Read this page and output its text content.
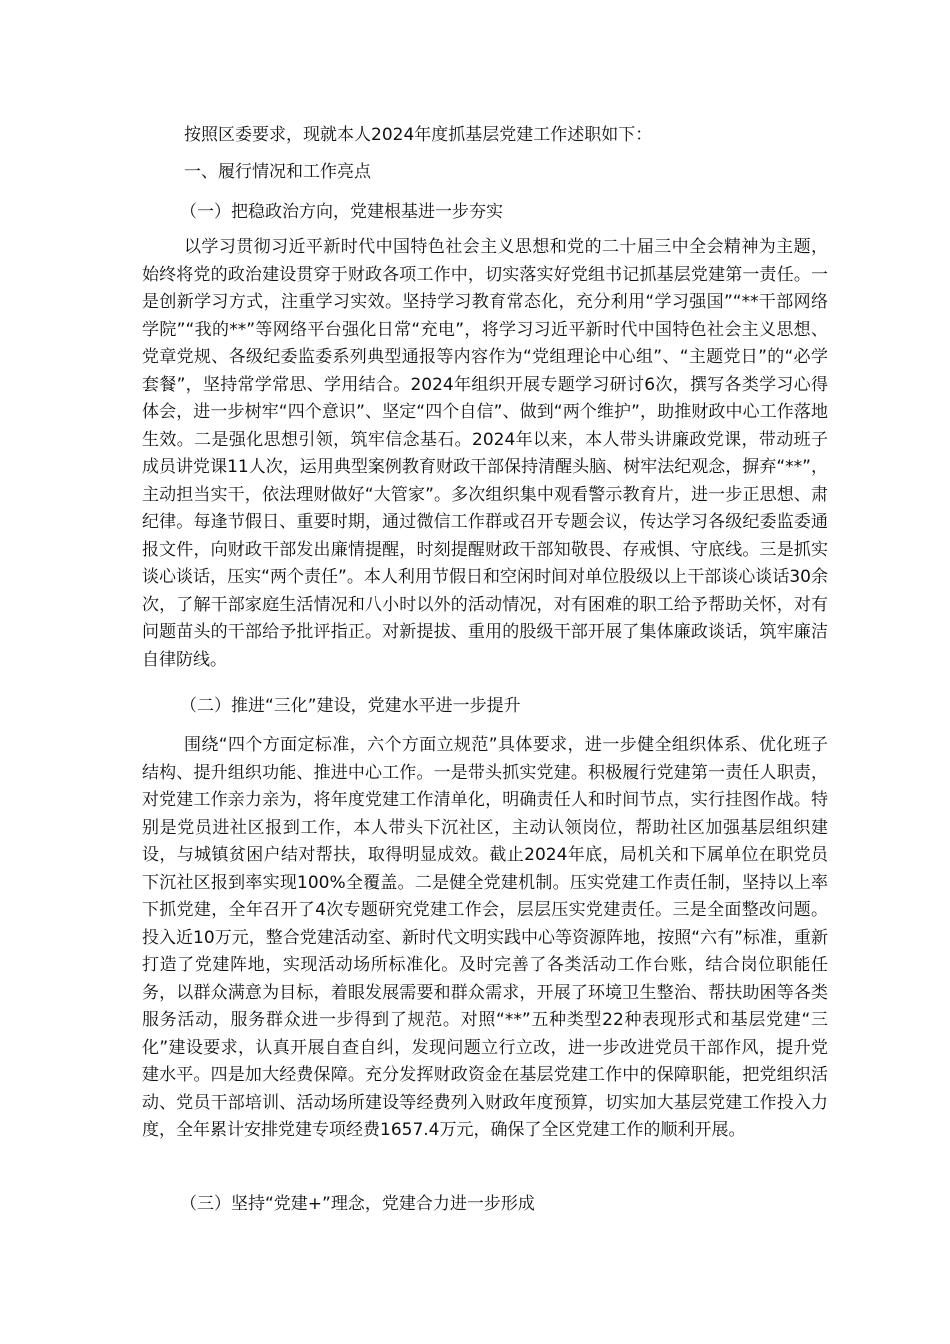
按照区委要求，现就本人2024年度抓基层党建工作述职如下：

一、履行情况和工作亮点

（一）把稳政治方向，党建根基进一步夯实

以学习贯彻习近平新时代中国特色社会主义思想和党的二十届三中全会精神为主题，始终将党的政治建设贯穿于财政各项工作中，切实落实好党组书记抓基层党建第一责任。一是创新学习方式，注重学习实效。坚持学习教育常态化，充分利用“学习强国”“**干部网络学院”“我的**”等网络平台强化日常“充电”，将学习习近平新时代中国特色社会主义思想、党章党规、各级纪委监委系列典型通报等内容作为“党组理论中心组”、“主题党日”的“必学套餐”，坚持常学常思、学用结合。2024年组织开展专题学习研讨6次，撰写各类学习心得体会，进一步树牢“四个意识”、坚定“四个自信”、做到“两个维护”，助推财政中心工作落地生效。二是强化思想引领，筑牢信念基石。2024年以来，本人带头讲廉政党课，带动班子成员讲党课11人次，运用典型案例教育财政干部保持清醒头脑、树牢法纪观念，摒弃“**”，主动担当实干，依法理财做好“大管家”。多次组织集中观看警示教育片，进一步正思想、肃纪律。每逢节假日、重要时期，通过微信工作群或召开专题会议，传达学习各级纪委监委通报文件，向财政干部发出廉情提醒，时刻提醒财政干部知敬畏、存戒惧、守底线。三是抓实谈心谈话，压实“两个责任”。本人利用节假日和空闲时间对单位股级以上干部谈心谈话30余次，了解干部家庭生活情况和八小时以外的活动情况，对有困难的职工给予帮助关怀，对有问题苗头的干部给予批评指正。对新提拔、重用的股级干部开展了集体廉政谈话，筑牢廉洁自律防线。

（二）推进“三化”建设，党建水平进一步提升

围绕“四个方面定标准，六个方面立规范”具体要求，进一步健全组织体系、优化班子结构、提升组织功能、推进中心工作。一是带头抓实党建。积极履行党建第一责任人职责，对党建工作亲力亲为，将年度党建工作清单化，明确责任人和时间节点，实行挂图作战。特别是党员进社区报到工作，本人带头下沉社区，主动认领岗位，帮助社区加强基层组织建设，与城镇贫困户结对帮扶，取得明显成效。截止2024年底，局机关和下属单位在职党员下沉社区报到率实现100%全覆盖。二是健全党建机制。压实党建工作责任制，坚持以上率下抓党建，全年召开了4次专题研究党建工作会，层层压实党建责任。三是全面整改问题。投入近10万元，整合党建活动室、新时代文明实践中心等资源阵地，按照“六有”标准，重新打造了党建阵地，实现活动场所标准化。及时完善了各类活动工作台账，结合岗位职能任务，以群众满意为目标，着眼发展需要和群众需求，开展了环境卫生整治、帮扶助困等各类服务活动，服务群众进一步得到了规范。对照“**”五种类型22种表现形式和基层党建“三化”建设要求，认真开展自查自纠，发现问题立行立改，进一步改进党员干部作风，提升党建水平。四是加大经费保障。充分发挥财政资金在基层党建工作中的保障职能，把党组织活动、党员干部培训、活动场所建设等经费列入财政年度预算，切实加大基层党建工作投入力度，全年累计安排党建专项经费1657.4万元，确保了全区党建工作的顺利开展。

（三）坚持“党建+”理念，党建合力进一步形成
